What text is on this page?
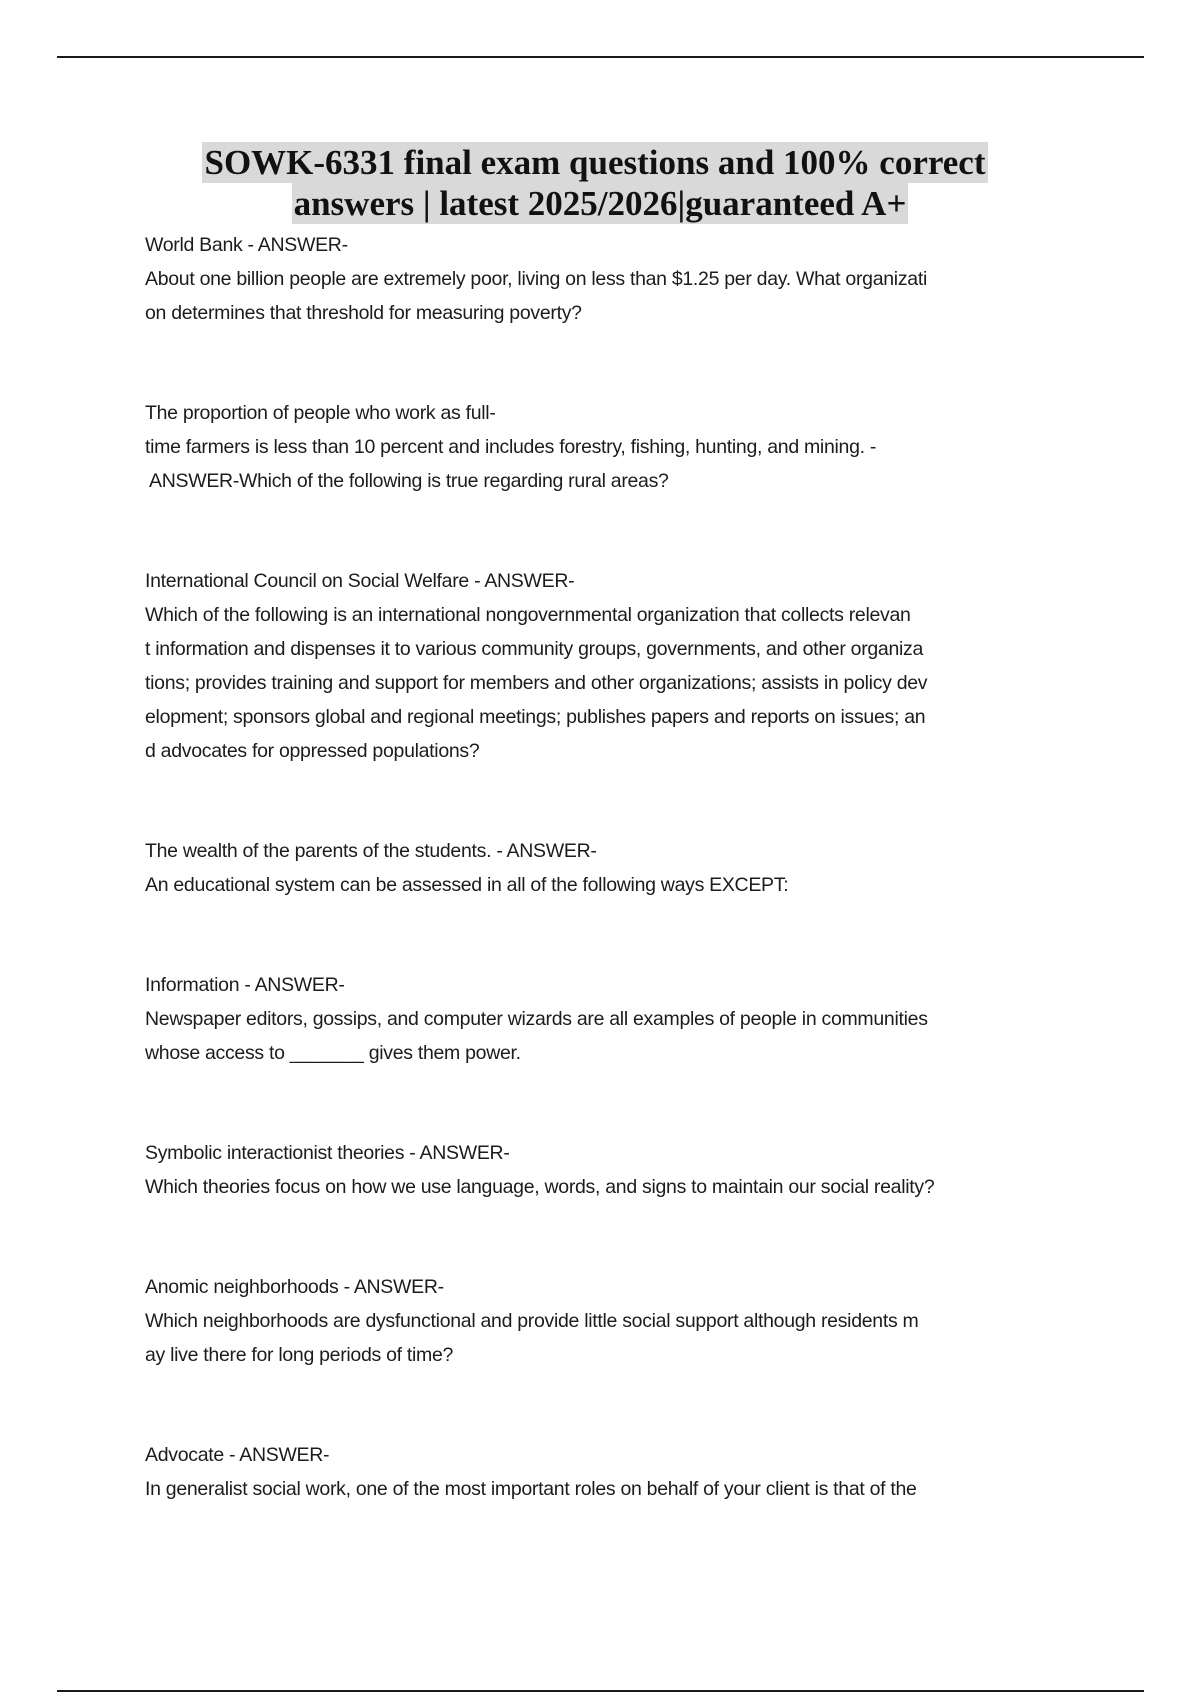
SOWK-6331 final exam questions and 100% correct
answers | latest 2025/2026|guaranteed A+
World Bank - ANSWER-
About one billion people are extremely poor, living on less than $1.25 per day. What organizati
on determines that threshold for measuring poverty?
The proportion of people who work as full-
time farmers is less than 10 percent and includes forestry, fishing, hunting, and mining. -
ANSWER-Which of the following is true regarding rural areas?
International Council on Social Welfare - ANSWER-
Which of the following is an international nongovernmental organization that collects relevan
t information and dispenses it to various community groups, governments, and other organiza
tions; provides training and support for members and other organizations; assists in policy dev
elopment; sponsors global and regional meetings; publishes papers and reports on issues; an
d advocates for oppressed populations?
The wealth of the parents of the students. - ANSWER-
An educational system can be assessed in all of the following ways EXCEPT:
Information - ANSWER-
Newspaper editors, gossips, and computer wizards are all examples of people in communities
whose access to _______ gives them power.
Symbolic interactionist theories - ANSWER-
Which theories focus on how we use language, words, and signs to maintain our social reality?
Anomic neighborhoods - ANSWER-
Which neighborhoods are dysfunctional and provide little social support although residents m
ay live there for long periods of time?
Advocate - ANSWER-
In generalist social work, one of the most important roles on behalf of your client is that of the
